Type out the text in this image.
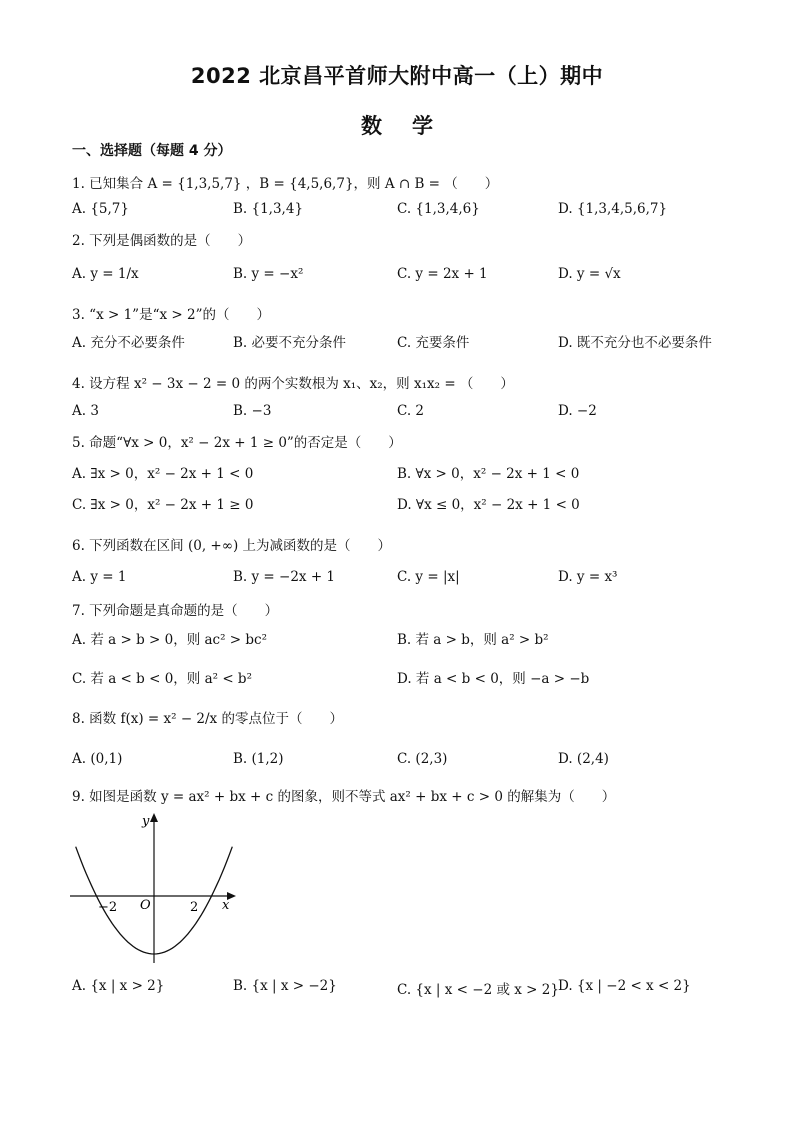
2022 北京昌平首师大附中高一（上）期中
数学
一、选择题（每题 4 分）
1. 已知集合 A = {1,3,5,7} ，B = {4,5,6,7}，则 A ∩ B = （　　）
A. {5,7}	B. {1,3,4}	C. {1,3,4,6}	D. {1,3,4,5,6,7}
2. 下列是偶函数的是（　　）
A. y = 1/x	B. y = −x²	C. y = 2x + 1	D. y = √x
3. “x > 1”是“x > 2”的（　　）
A. 充分不必要条件	B. 必要不充分条件	C. 充要条件	D. 既不充分也不必要条件
4. 设方程 x² − 3x − 2 = 0 的两个实数根为 x₁、x₂，则 x₁x₂ = （　　）
A. 3	B. −3	C. 2	D. −2
5. 命题“∀x > 0，x² − 2x + 1 ≥ 0”的否定是（　　）
A. ∃x > 0，x² − 2x + 1 < 0	B. ∀x > 0，x² − 2x + 1 < 0
C. ∃x > 0，x² − 2x + 1 ≥ 0	D. ∀x ≤ 0，x² − 2x + 1 < 0
6. 下列函数在区间 (0, +∞) 上为减函数的是（　　）
A. y = 1	B. y = −2x + 1	C. y = |x|	D. y = x³
7. 下列命题是真命题的是（　　）
A. 若 a > b > 0，则 ac² > bc²	B. 若 a > b，则 a² > b²
C. 若 a < b < 0，则 a² < b²	D. 若 a < b < 0，则 −a > −b
8. 函数 f(x) = x² − 2/x 的零点位于（　　）
A. (0,1)	B. (1,2)	C. (2,3)	D. (2,4)
9. 如图是函数 y = ax² + bx + c 的图象，则不等式 ax² + bx + c > 0 的解集为（　　）
y
x
O
−2	2
A. {x | x > 2}	B. {x | x > −2}	C. {x | x < −2 或 x > 2} D. {x | −2 < x < 2}
